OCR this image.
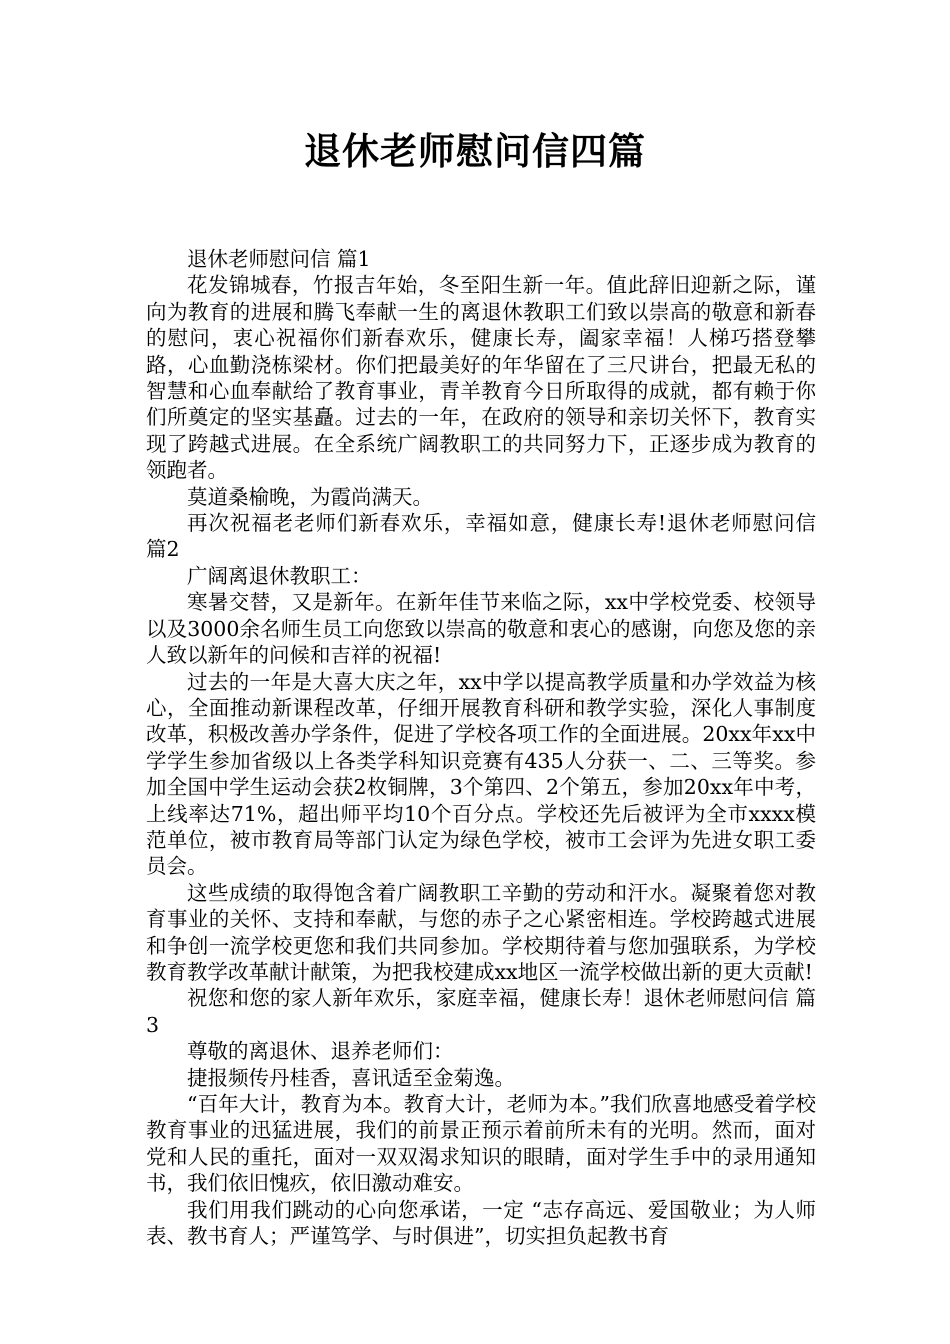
退休老师慰问信四篇

退休老师慰问信 篇1

花发锦城春，竹报吉年始，冬至阳生新一年。值此辞旧迎新之际，谨向为教育的进展和腾飞奉献一生的离退休教职工们致以崇高的敬意和新春的慰问，衷心祝福你们新春欢乐，健康长寿，阖家幸福！人梯巧搭登攀路，心血勤浇栋梁材。你们把最美好的年华留在了三尺讲台，把最无私的智慧和心血奉献给了教育事业，青羊教育今日所取得的成就，都有赖于你们所奠定的坚实基矗。过去的一年，在政府的领导和亲切关怀下，教育实现了跨越式进展。在全系统广阔教职工的共同努力下，正逐步成为教育的领跑者。

莫道桑榆晚，为霞尚满天。

再次祝福老老师们新春欢乐，幸福如意，健康长寿!退休老师慰问信 篇2

广阔离退休教职工：

寒暑交替，又是新年。在新年佳节来临之际，xx中学校党委、校领导以及3000余名师生员工向您致以崇高的敬意和衷心的感谢，向您及您的亲人致以新年的问候和吉祥的祝福!

过去的一年是大喜大庆之年，xx中学以提高教学质量和办学效益为核心，全面推动新课程改革，仔细开展教育科研和教学实验，深化人事制度改革，积极改善办学条件，促进了学校各项工作的全面进展。20xx年xx中学学生参加省级以上各类学科知识竞赛有435人分获一、二、三等奖。参加全国中学生运动会获2枚铜牌，3个第四、2个第五，参加20xx年中考，上线率达71%，超出师平均10个百分点。学校还先后被评为全市xxxx模范单位，被市教育局等部门认定为绿色学校，被市工会评为先进女职工委员会。

这些成绩的取得饱含着广阔教职工辛勤的劳动和汗水。凝聚着您对教育事业的关怀、支持和奉献，与您的赤子之心紧密相连。学校跨越式进展和争创一流学校更您和我们共同参加。学校期待着与您加强联系，为学校教育教学改革献计献策，为把我校建成xx地区一流学校做出新的更大贡献!

祝您和您的家人新年欢乐，家庭幸福，健康长寿！退休老师慰问信 篇3

尊敬的离退休、退养老师们：

捷报频传丹桂香，喜讯适至金菊逸。

“百年大计，教育为本。教育大计，老师为本。”我们欣喜地感受着学校教育事业的迅猛进展，我们的前景正预示着前所未有的光明。然而，面对党和人民的重托，面对一双双渴求知识的眼睛，面对学生手中的录用通知书，我们依旧愧疚，依旧激动难安。

我们用我们跳动的心向您承诺，一定 “志存高远、爱国敬业；为人师表、教书育人；严谨笃学、与时俱进”，切实担负起教书育
